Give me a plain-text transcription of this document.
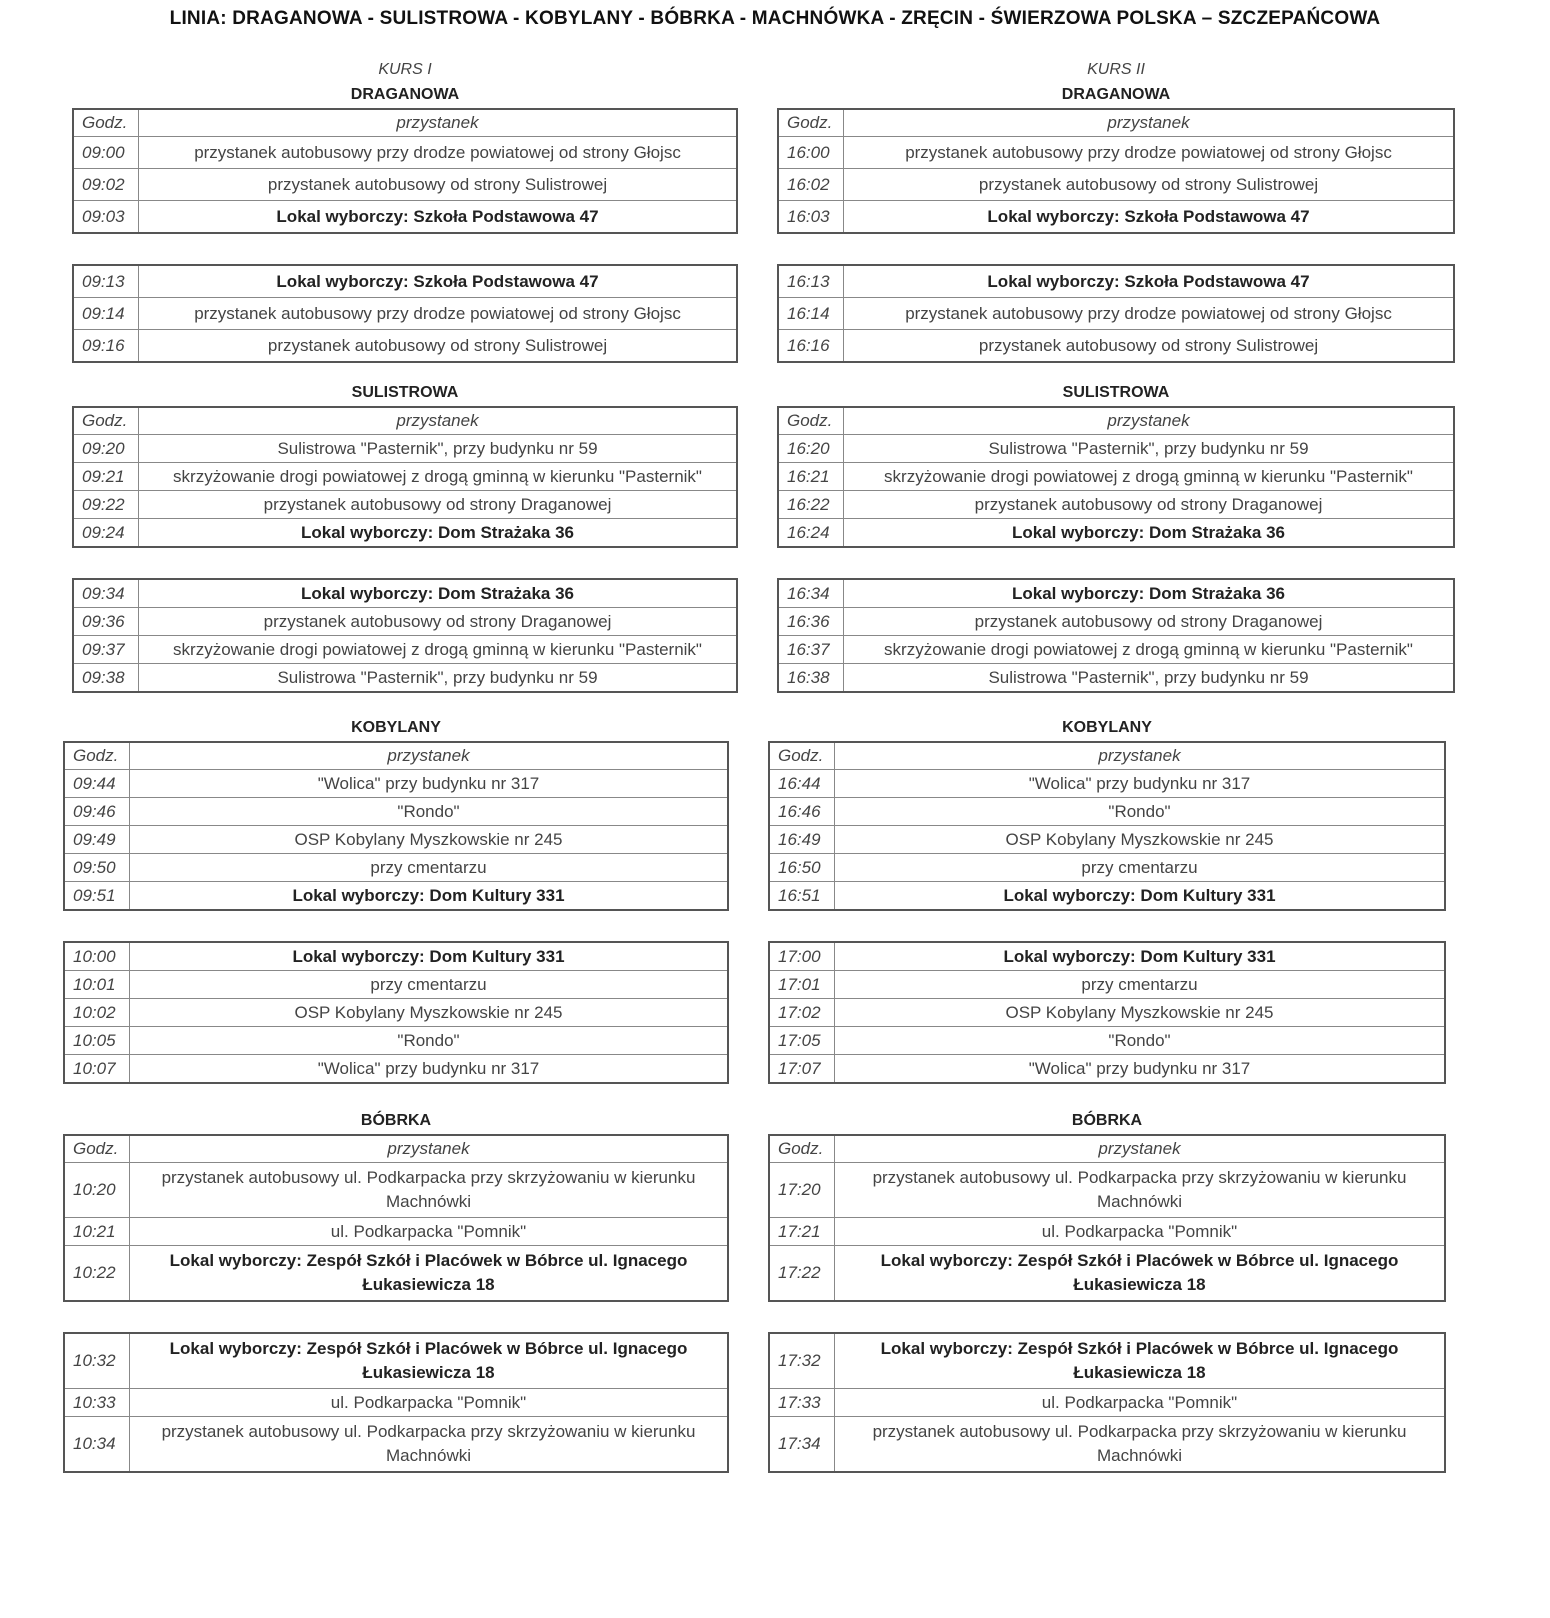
LINIA: DRAGANOWA - SULISTROWA - KOBYLANY - BÓBRKA - MACHNÓWKA - ZRĘCIN - ŚWIERZOWA POLSKA – SZCZEPAŃCOWA
KURS I
DRAGANOWA
Godz.	przystanek
09:00	przystanek autobusowy przy drodze powiatowej od strony Głojsc
09:02	przystanek autobusowy od strony Sulistrowej
09:03	Lokal wyborczy: Szkoła Podstawowa 47
09:13	Lokal wyborczy: Szkoła Podstawowa 47
09:14	przystanek autobusowy przy drodze powiatowej od strony Głojsc
09:16	przystanek autobusowy od strony Sulistrowej
SULISTROWA
Godz.	przystanek
09:20	Sulistrowa "Pasternik", przy budynku nr 59
09:21	skrzyżowanie drogi powiatowej z drogą gminną w kierunku "Pasternik"
09:22	przystanek autobusowy od strony Draganowej
09:24	Lokal wyborczy: Dom Strażaka 36
09:34	Lokal wyborczy: Dom Strażaka 36
09:36	przystanek autobusowy od strony Draganowej
09:37	skrzyżowanie drogi powiatowej z drogą gminną w kierunku "Pasternik"
09:38	Sulistrowa "Pasternik", przy budynku nr 59
KOBYLANY
Godz.	przystanek
09:44	"Wolica" przy budynku nr 317
09:46	"Rondo"
09:49	OSP Kobylany Myszkowskie nr 245
09:50	przy cmentarzu
09:51	Lokal wyborczy: Dom Kultury 331
10:00	Lokal wyborczy: Dom Kultury 331
10:01	przy cmentarzu
10:02	OSP Kobylany Myszkowskie nr 245
10:05	"Rondo"
10:07	"Wolica" przy budynku nr 317
BÓBRKA
Godz.	przystanek
10:20	przystanek autobusowy ul. Podkarpacka przy skrzyżowaniu w kierunku Machnówki
10:21	ul. Podkarpacka "Pomnik"
10:22	Lokal wyborczy: Zespół Szkół i Placówek w Bóbrce ul. Ignacego Łukasiewicza 18
10:32	Lokal wyborczy: Zespół Szkół i Placówek w Bóbrce ul. Ignacego Łukasiewicza 18
10:33	ul. Podkarpacka "Pomnik"
10:34	przystanek autobusowy ul. Podkarpacka przy skrzyżowaniu w kierunku Machnówki
KURS II
DRAGANOWA
Godz.	przystanek
16:00	przystanek autobusowy przy drodze powiatowej od strony Głojsc
16:02	przystanek autobusowy od strony Sulistrowej
16:03	Lokal wyborczy: Szkoła Podstawowa 47
16:13	Lokal wyborczy: Szkoła Podstawowa 47
16:14	przystanek autobusowy przy drodze powiatowej od strony Głojsc
16:16	przystanek autobusowy od strony Sulistrowej
SULISTROWA
Godz.	przystanek
16:20	Sulistrowa "Pasternik", przy budynku nr 59
16:21	skrzyżowanie drogi powiatowej z drogą gminną w kierunku "Pasternik"
16:22	przystanek autobusowy od strony Draganowej
16:24	Lokal wyborczy: Dom Strażaka 36
16:34	Lokal wyborczy: Dom Strażaka 36
16:36	przystanek autobusowy od strony Draganowej
16:37	skrzyżowanie drogi powiatowej z drogą gminną w kierunku "Pasternik"
16:38	Sulistrowa "Pasternik", przy budynku nr 59
KOBYLANY
Godz.	przystanek
16:44	"Wolica" przy budynku nr 317
16:46	"Rondo"
16:49	OSP Kobylany Myszkowskie nr 245
16:50	przy cmentarzu
16:51	Lokal wyborczy: Dom Kultury 331
17:00	Lokal wyborczy: Dom Kultury 331
17:01	przy cmentarzu
17:02	OSP Kobylany Myszkowskie nr 245
17:05	"Rondo"
17:07	"Wolica" przy budynku nr 317
BÓBRKA
Godz.	przystanek
17:20	przystanek autobusowy ul. Podkarpacka przy skrzyżowaniu w kierunku Machnówki
17:21	ul. Podkarpacka "Pomnik"
17:22	Lokal wyborczy: Zespół Szkół i Placówek w Bóbrce ul. Ignacego Łukasiewicza 18
17:32	Lokal wyborczy: Zespół Szkół i Placówek w Bóbrce ul. Ignacego Łukasiewicza 18
17:33	ul. Podkarpacka "Pomnik"
17:34	przystanek autobusowy ul. Podkarpacka przy skrzyżowaniu w kierunku Machnówki
